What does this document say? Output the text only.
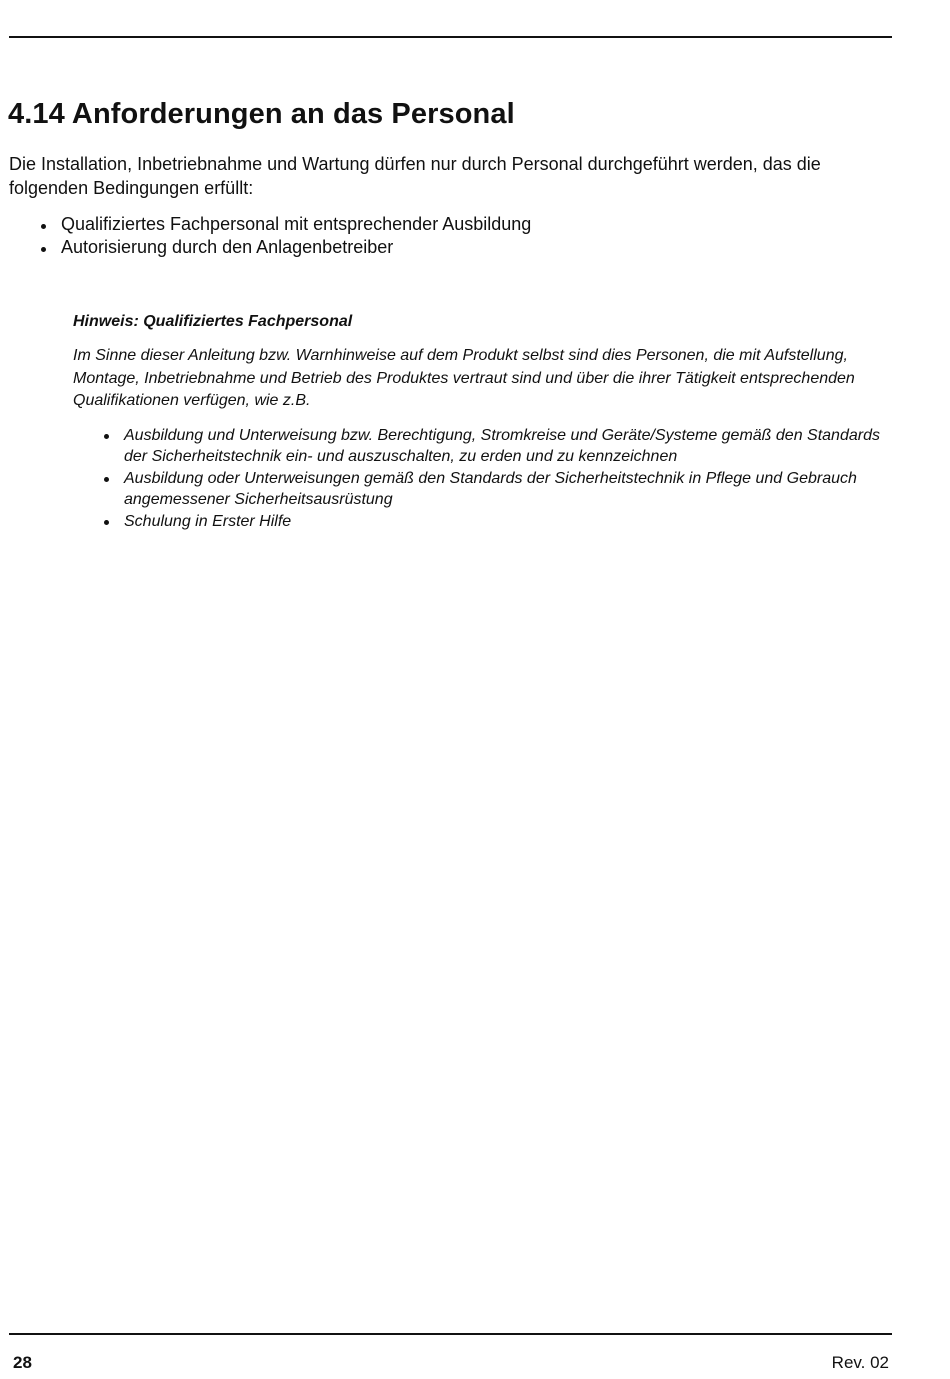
4.14 Anforderungen an das Personal

Die Installation, Inbetriebnahme und Wartung dürfen nur durch Personal durchgeführt werden, das die folgenden Bedingungen erfüllt:

Qualifiziertes Fachpersonal mit entsprechender Ausbildung
Autorisierung durch den Anlagenbetreiber

Hinweis: Qualifiziertes Fachpersonal

Im Sinne dieser Anleitung bzw. Warnhinweise auf dem Produkt selbst sind dies Personen, die mit Aufstellung, Montage, Inbetriebnahme und Betrieb des Produktes vertraut sind und über die ihrer Tätigkeit entsprechenden Qualifikationen verfügen, wie z.B.

Ausbildung und Unterweisung bzw. Berechtigung, Stromkreise und Geräte/Systeme gemäß den Standards der Sicherheitstechnik ein- und auszuschalten, zu erden und zu kennzeichnen
Ausbildung oder Unterweisungen gemäß den Standards der Sicherheitstechnik in Pflege und Gebrauch angemessener Sicherheitsausrüstung
Schulung in Erster Hilfe
28	Rev. 02
